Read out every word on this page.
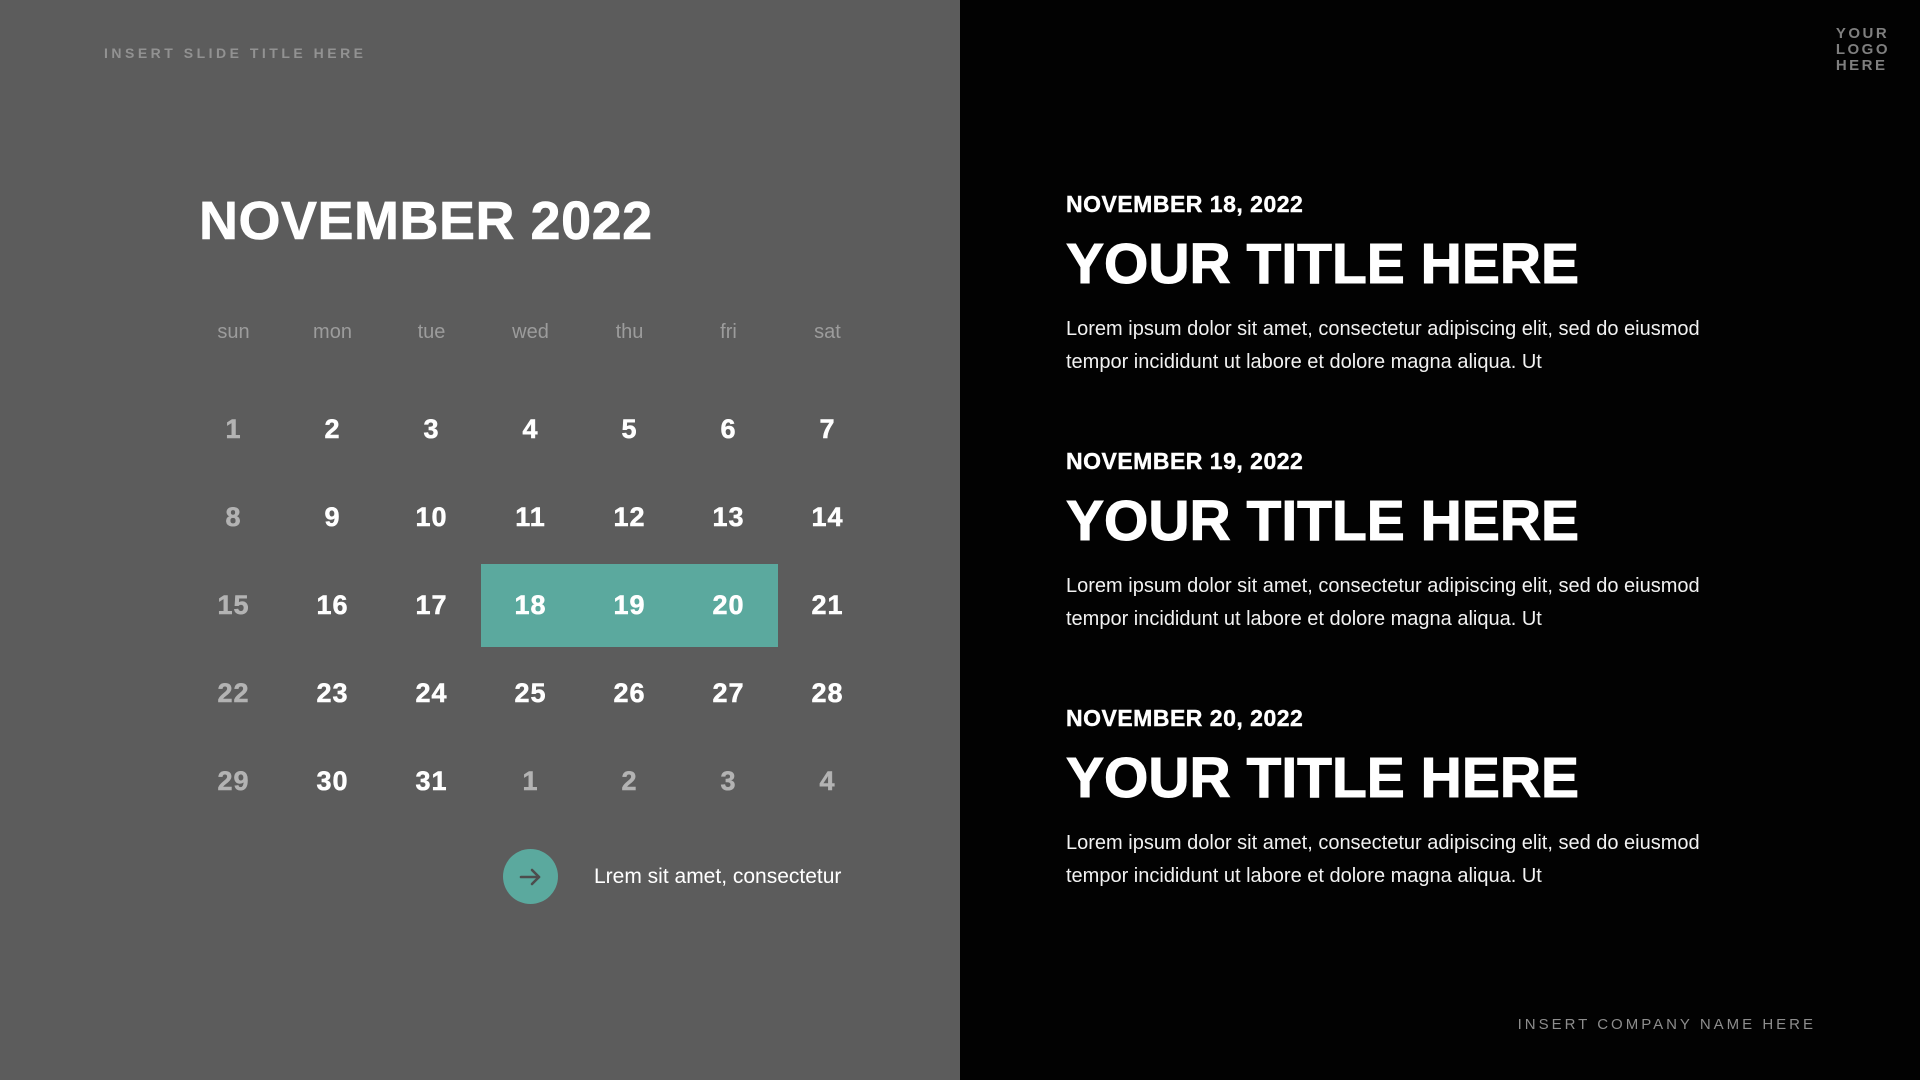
INSERT SLIDE TITLE HERE
NOVEMBER 2022
sun	mon	tue	wed	thu	fri	sat
1	2	3	4	5	6	7
8	9	10	11	12	13	14
15	16	17	18	19	20	21
22	23	24	25	26	27	28
29	30	31	1	2	3	4
Lrem sit amet, consectetur
YOUR
LOGO
HERE
NOVEMBER 18, 2022
YOUR TITLE HERE
Lorem ipsum dolor sit amet, consectetur adipiscing elit, sed do eiusmod tempor incididunt ut labore et dolore magna aliqua. Ut
NOVEMBER 19, 2022
YOUR TITLE HERE
Lorem ipsum dolor sit amet, consectetur adipiscing elit, sed do eiusmod tempor incididunt ut labore et dolore magna aliqua. Ut
NOVEMBER 20, 2022
YOUR TITLE HERE
Lorem ipsum dolor sit amet, consectetur adipiscing elit, sed do eiusmod tempor incididunt ut labore et dolore magna aliqua. Ut
INSERT COMPANY NAME HERE
